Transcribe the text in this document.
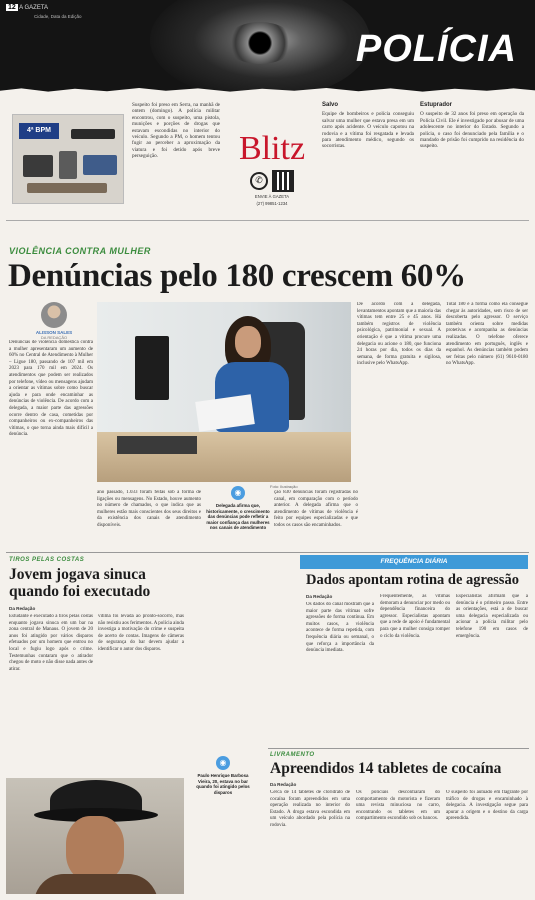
12 A GAZETA
Cidade, Data da Edição
POLÍCIA
4ª BPM
Suspeito foi preso em Serra, na manhã de ontem (domingo). A polícia militar encontrou, com o suspeito, uma pistola, munições e porções de drogas que estavam escondidas no interior do veículo. Segundo a PM, o homem tentou fugir ao perceber a aproximação da viatura e foi detido após breve perseguição.	Blitz
✆
ENVIE À GAZETA
(27) 99851-1234
Salvo
Equipe de bombeiros e polícia conseguiu salvar uma mulher que estava presa em um carro após acidente. O veículo capotou na rodovia e a vítima foi resgatada e levada para atendimento médico, segundo os socorristas.
Estuprador
O suspeito de 32 anos foi preso em operação da Polícia Civil. Ele é investigado por abusar de uma adolescente no interior do Estado. Segundo a polícia, o caso foi denunciado pela família e o mandado de prisão foi cumprido na residência do suspeito.
VIOLÊNCIA CONTRA MULHER
Denúncias pelo 180 crescem 60%
ALISSON SALES
DA REDAÇÃO
Denúncias de violência doméstica contra a mulher apresentaram um aumento de 60% no Central de Atendimento à Mulher – Ligue 180, passando de 107 mil em 2023 para 170 mil em 2024. Os atendimentos que podem ser realizados por telefone, vídeo ou mensagens ajudam a orientar as vítimas sobre como buscar ajuda e para onde encaminhar as denúncias de violência. De acordo com a delegada, a maior parte das agressões ocorre dentro de casa, cometidas por companheiros ou ex-companheiros das vítimas, o que torna ainda mais difícil a denúncia.
Foto: Ilustração
De acordo com a delegada, levantamentos apontam que a maioria das vítimas tem entre 25 e 45 anos. Há também registros de violência psicológica, patrimonial e sexual. A orientação é que a vítima procure uma delegacia ou acione o 180, que funciona 24 horas por dia, todos os dias da semana, de forma gratuita e sigilosa, inclusive pelo WhatsApp.
Total 180 é a forma como ela consegue chegar às autoridades, sem risco de ser descoberta pelo agressor. O serviço também orienta sobre medidas protetivas e acompanha as denúncias realizadas. O telefone oferece atendimento em português, inglês e espanhol. As denúncias também podem ser feitas pelo número (61) 9610-0180 no WhatsApp.
ano passado, 1.033 foram feitas sob a forma de ligações ou mensagens. No Estado, houve aumento no número de chamados, o que indica que as mulheres estão mais conscientes dos seus direitos e da existência dos canais de atendimento disponíveis.
◉
Delegada afirma que, historicamente, o crescimento das denúncias pode refletir a maior confiança das mulheres nos canais de atendimento
ção 830 denúncias foram registradas no canal, em comparação com o período anterior. A delegada afirma que o atendimento de vítimas de violência é feito por equipes especializadas e que todos os casos são encaminhados.
TIROS PELAS COSTAS
Jovem jogava sinuca quando foi executado
Da Redação
Estudante é executado a tiros pelas costas enquanto jogava sinuca em um bar na zona central de Manaus. O jovem de 20 anos foi atingido por vários disparos efetuados por um homem que entrou no local e fugiu logo após o crime. Testemunhas contaram que o atirador chegou de moto e não disse nada antes de atirar.
vítima foi levada ao pronto-socorro, mas não resistiu aos ferimentos. A polícia ainda investiga a motivação do crime e suspeita de acerto de contas. Imagens de câmeras de segurança do bar devem ajudar a identificar o autor dos disparos.
◉
Paulo Henrique Barbosa Vieira, 20, estava no bar quando foi atingido pelos disparos
FREQUÊNCIA DIÁRIA
Dados apontam rotina de agressão
Da Redação
Os dados do canal mostram que a maior parte das vítimas sofre agressões de forma contínua. Em muitos casos, a violência acontece de forma repetida, com frequência diária ou semanal, o que reforça a importância da denúncia imediata.
Frequentemente, as vítimas demoram a denunciar por medo ou dependência financeira do agressor. Especialistas apontam que a rede de apoio é fundamental para que a mulher consiga romper o ciclo da violência.
Especialistas afirmam que a denúncia é o primeiro passo. Entre as orientações, está a de buscar uma delegacia especializada ou acionar a polícia militar pelo telefone 190 em casos de emergência.
LIVRAMENTO
Apreendidos 14 tabletes de cocaína
Da Redação
Cerca de 14 tabletes de cloridrato de cocaína foram apreendidos em uma operação realizada no interior do Estado. A droga estava escondida em um veículo abordado pela polícia na rodovia.
Os policiais desconfiaram do comportamento do motorista e fizeram uma revista minuciosa no carro, encontrando os tabletes em um compartimento escondido sob os bancos.
O suspeito foi autuado em flagrante por tráfico de drogas e encaminhado à delegacia. A investigação segue para apurar a origem e o destino da carga apreendida.
